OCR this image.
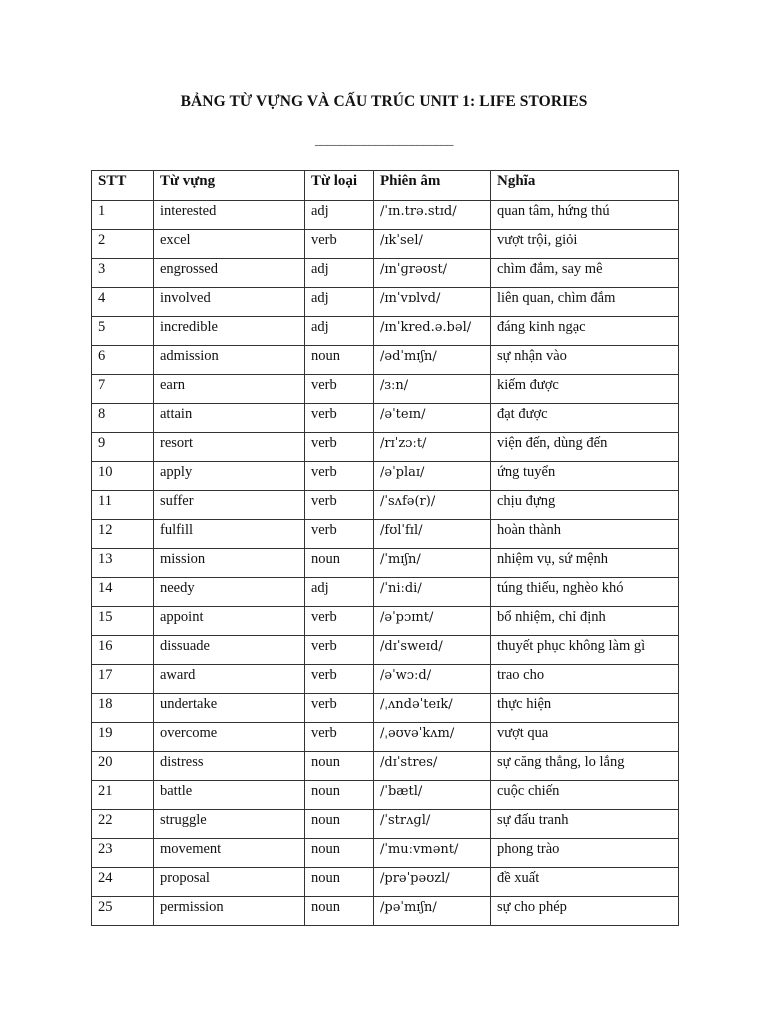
BẢNG TỪ VỰNG VÀ CẤU TRÚC UNIT 1: LIFE STORIES
_______________________
STT	Từ vựng	Từ loại	Phiên âm	Nghĩa
1	interested	adj	/ˈɪn.trə.stɪd/	quan tâm, hứng thú
2	excel	verb	/ɪkˈsel/	vượt trội, giỏi
3	engrossed	adj	/ɪnˈɡrəʊst/	chìm đắm, say mê
4	involved	adj	/ɪnˈvɒlvd/	liên quan, chìm đắm
5	incredible	adj	/ɪnˈkred.ə.bəl/	đáng kinh ngạc
6	admission	noun	/ədˈmɪʃn/	sự nhận vào
7	earn	verb	/ɜːn/	kiếm được
8	attain	verb	/əˈteɪn/	đạt được
9	resort	verb	/rɪˈzɔːt/	viện đến, dùng đến
10	apply	verb	/əˈplaɪ/	ứng tuyển
11	suffer	verb	/ˈsʌfə(r)/	chịu đựng
12	fulfill	verb	/fʊlˈfɪl/	hoàn thành
13	mission	noun	/ˈmɪʃn/	nhiệm vụ, sứ mệnh
14	needy	adj	/ˈniːdi/	túng thiếu, nghèo khó
15	appoint	verb	/əˈpɔɪnt/	bổ nhiệm, chỉ định
16	dissuade	verb	/dɪˈsweɪd/	thuyết phục không làm gì
17	award	verb	/əˈwɔːd/	trao cho
18	undertake	verb	/ˌʌndəˈteɪk/	thực hiện
19	overcome	verb	/ˌəʊvəˈkʌm/	vượt qua
20	distress	noun	/dɪˈstres/	sự căng thẳng, lo lắng
21	battle	noun	/ˈbætl/	cuộc chiến
22	struggle	noun	/ˈstrʌɡl/	sự đấu tranh
23	movement	noun	/ˈmuːvmənt/	phong trào
24	proposal	noun	/prəˈpəʊzl/	đề xuất
25	permission	noun	/pəˈmɪʃn/	sự cho phép
